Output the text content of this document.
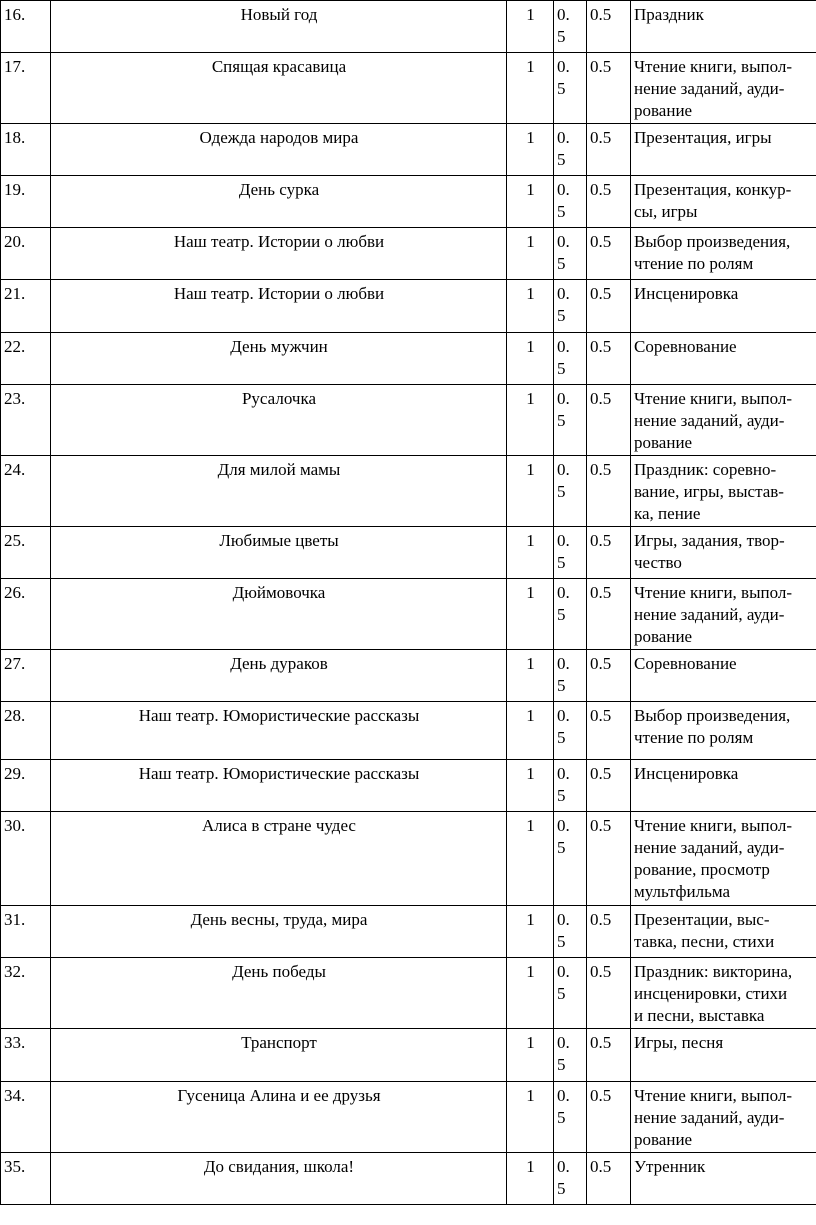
16.	Новый год	1	0.5	0.5	Праздник

17.	Спящая красавица	1	0.5	0.5	Чтение книги, выпол-
нение заданий, ауди-
рование

18.	Одежда народов мира	1	0.5	0.5	Презентация, игры

19.	День сурка	1	0.5	0.5	Презентация, конкур-
сы, игры

20.	Наш театр. Истории о любви	1	0.5	0.5	Выбор произведения,
чтение по ролям

21.	Наш театр. Истории о любви	1	0.5	0.5	Инсценировка

22.	День мужчин	1	0.5	0.5	Соревнование

23.	Русалочка	1	0.5	0.5	Чтение книги, выпол-
нение заданий, ауди-
рование

24.	Для милой мамы	1	0.5	0.5	Праздник: соревно-
вание, игры, выстав-
ка, пение

25.	Любимые цветы	1	0.5	0.5	Игры, задания, твор-
чество

26.	Дюймовочка	1	0.5	0.5	Чтение книги, выпол-
нение заданий, ауди-
рование

27.	День дураков	1	0.5	0.5	Соревнование

28.	Наш театр. Юмористические рассказы	1	0.5	0.5	Выбор произведения,
чтение по ролям

29.	Наш театр. Юмористические рассказы	1	0.5	0.5	Инсценировка

30.	Алиса в стране чудес	1	0.5	0.5	Чтение книги, выпол-
нение заданий, ауди-
рование, просмотр
мультфильма

31.	День весны, труда, мира	1	0.5	0.5	Презентации, выс-
тавка, песни, стихи

32.	День победы	1	0.5	0.5	Праздник: викторина,
инсценировки, стихи
и песни, выставка

33.	Транспорт	1	0.5	0.5	Игры, песня

34.	Гусеница Алина и ее друзья	1	0.5	0.5	Чтение книги, выпол-
нение заданий, ауди-
рование

35.	До свидания, школа!	1	0.5	0.5	Утренник
